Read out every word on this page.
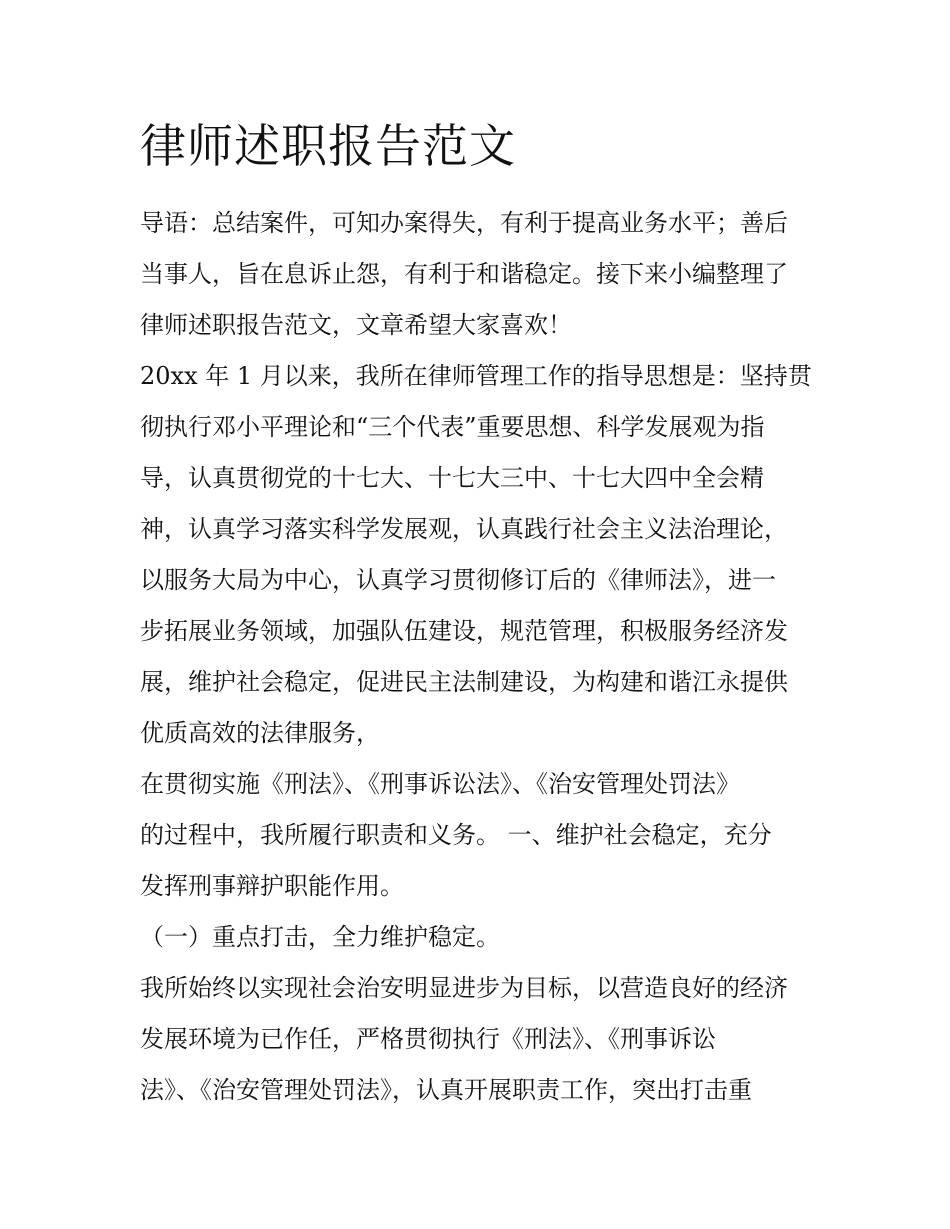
律师述职报告范文
导语：总结案件，可知办案得失，有利于提高业务水平；善后
当事人，旨在息诉止怨，有利于和谐稳定。接下来小编整理了
律师述职报告范文，文章希望大家喜欢！
20xx 年 1 月以来，我所在律师管理工作的指导思想是：坚持贯
彻执行邓小平理论和“三个代表”重要思想、科学发展观为指
导，认真贯彻党的十七大、十七大三中、十七大四中全会精
神，认真学习落实科学发展观，认真践行社会主义法治理论，
以服务大局为中心，认真学习贯彻修订后的《律师法》，进一
步拓展业务领域，加强队伍建设，规范管理，积极服务经济发
展，维护社会稳定，促进民主法制建设，为构建和谐江永提供
优质高效的法律服务，
在贯彻实施《刑法》、《刑事诉讼法》、《治安管理处罚法》
的过程中，我所履行职责和义务。 一、维护社会稳定，充分
发挥刑事辩护职能作用。
（一）重点打击，全力维护稳定。
我所始终以实现社会治安明显进步为目标，以营造良好的经济
发展环境为已作任，严格贯彻执行《刑法》、《刑事诉讼
法》、《治安管理处罚法》，认真开展职责工作，突出打击重
